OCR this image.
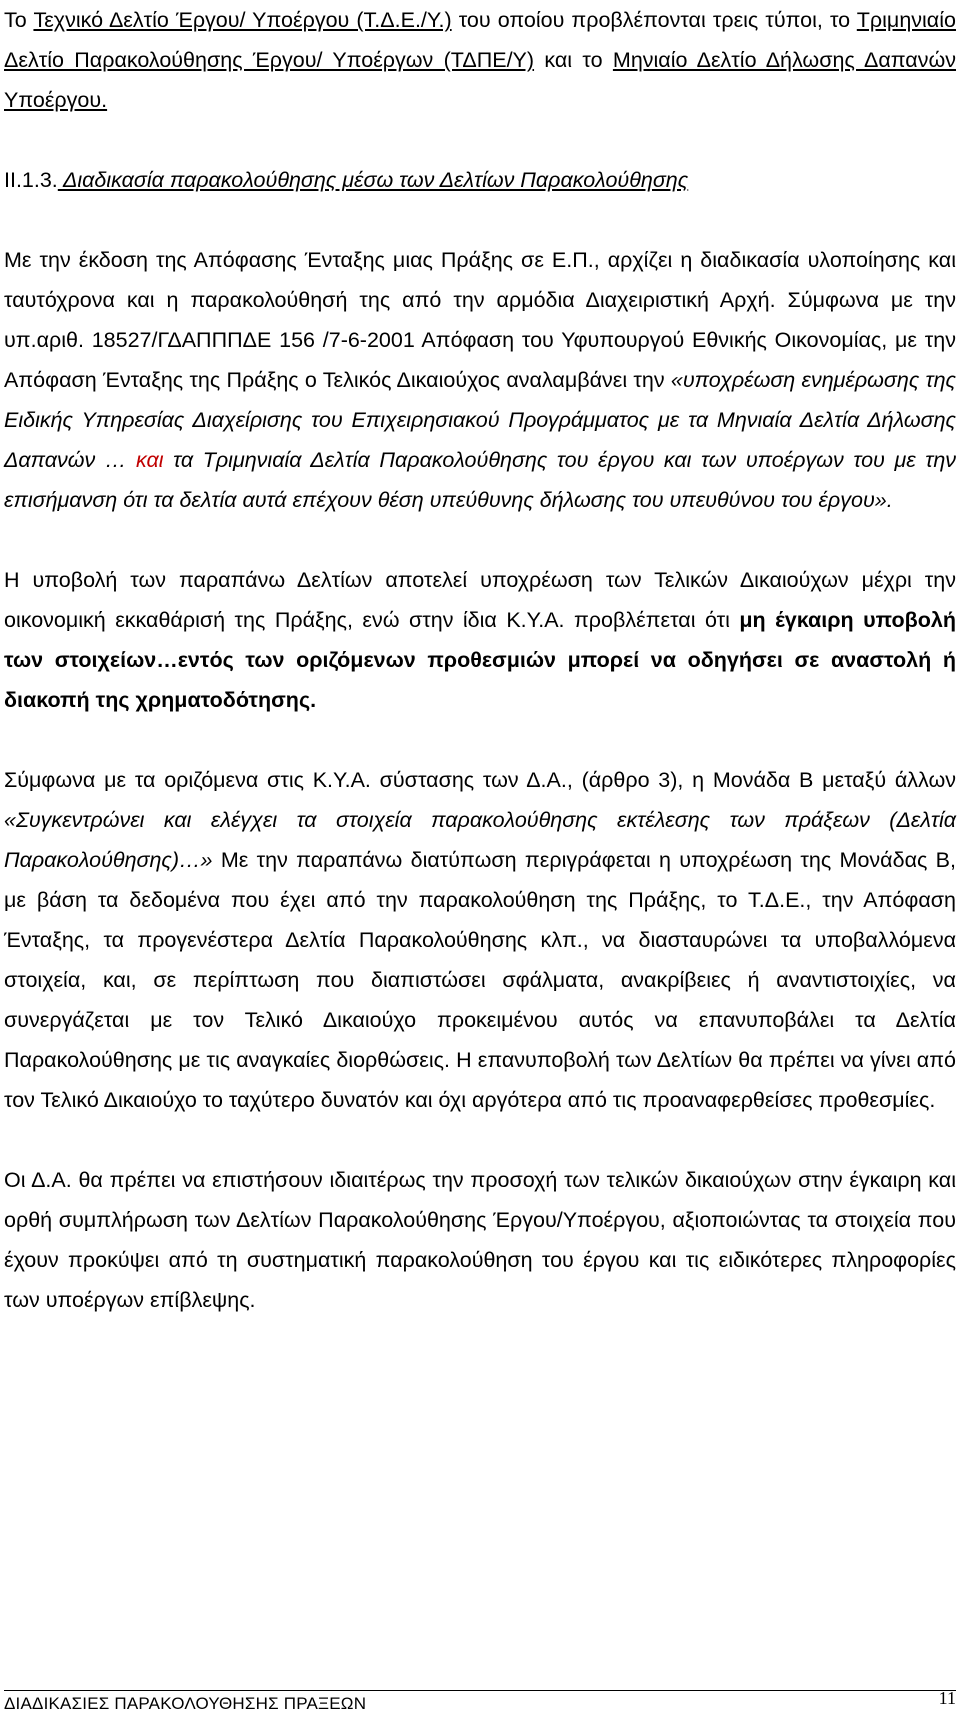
Το Τεχνικό Δελτίο Έργου/ Υποέργου (Τ.Δ.Ε./Υ.) του οποίου προβλέπονται τρεις τύποι, το Τριμηνιαίο Δελτίο Παρακολούθησης Έργου/ Υποέργων (ΤΔΠΕ/Υ) και το Μηνιαίο Δελτίο Δήλωσης Δαπανών Υποέργου.

ΙΙ.1.3. Διαδικασία παρακολούθησης μέσω των Δελτίων Παρακολούθησης

Με την έκδοση της Απόφασης Ένταξης μιας Πράξης σε Ε.Π., αρχίζει η διαδικασία υλοποίησης και ταυτόχρονα και η παρακολούθησή της από την αρμόδια Διαχειριστική Αρχή. Σύμφωνα με την υπ.αριθ. 18527/ΓΔΑΠΠΠΔΕ 156 /7-6-2001 Απόφαση του Υφυπουργού Εθνικής Οικονομίας, με την Απόφαση Ένταξης της Πράξης ο Τελικός Δικαιούχος αναλαμβάνει την «υποχρέωση ενημέρωσης της Ειδικής Υπηρεσίας Διαχείρισης του Επιχειρησιακού Προγράμματος με τα Μηνιαία Δελτία Δήλωσης Δαπανών … και τα Τριμηνιαία Δελτία Παρακολούθησης του έργου και των υποέργων του με την επισήμανση ότι τα δελτία αυτά επέχουν θέση υπεύθυνης δήλωσης του υπευθύνου του έργου».

Η υποβολή των παραπάνω Δελτίων αποτελεί υποχρέωση των Τελικών Δικαιούχων μέχρι την οικονομική εκκαθάρισή της Πράξης, ενώ στην ίδια Κ.Υ.Α. προβλέπεται ότι μη έγκαιρη υποβολή των στοιχείων…εντός των οριζόμενων προθεσμιών μπορεί να οδηγήσει σε αναστολή ή διακοπή της χρηματοδότησης.

Σύμφωνα με τα οριζόμενα στις Κ.Υ.Α. σύστασης των Δ.Α., (άρθρο 3), η Μονάδα Β μεταξύ άλλων «Συγκεντρώνει και ελέγχει τα στοιχεία παρακολούθησης εκτέλεσης των πράξεων (Δελτία Παρακολούθησης)…» Με την παραπάνω διατύπωση περιγράφεται η υποχρέωση της Μονάδας Β, με βάση τα δεδομένα που έχει από την παρακολούθηση της Πράξης, το Τ.Δ.Ε., την Απόφαση Ένταξης, τα προγενέστερα Δελτία Παρακολούθησης κλπ., να διασταυρώνει τα υποβαλλόμενα στοιχεία, και, σε περίπτωση που διαπιστώσει σφάλματα, ανακρίβειες ή αναντιστοιχίες, να συνεργάζεται με τον Τελικό Δικαιούχο προκειμένου αυτός να επανυποβάλει τα Δελτία Παρακολούθησης με τις αναγκαίες διορθώσεις. Η επανυποβολή των Δελτίων θα πρέπει να γίνει από τον Τελικό Δικαιούχο το ταχύτερο δυνατόν και όχι αργότερα από τις προαναφερθείσες προθεσμίες.

Οι Δ.Α. θα πρέπει να επιστήσουν ιδιαιτέρως την προσοχή των τελικών δικαιούχων στην έγκαιρη και ορθή συμπλήρωση των Δελτίων Παρακολούθησης Έργου/Υποέργου, αξιοποιώντας τα στοιχεία που έχουν προκύψει από τη συστηματική παρακολούθηση του έργου και τις ειδικότερες πληροφορίες των υποέργων επίβλεψης.

ΔΙΑΔΙΚΑΣΙΕΣ ΠΑΡΑΚΟΛΟΥΘΗΣΗΣ ΠΡΑΞΕΩΝ	11
